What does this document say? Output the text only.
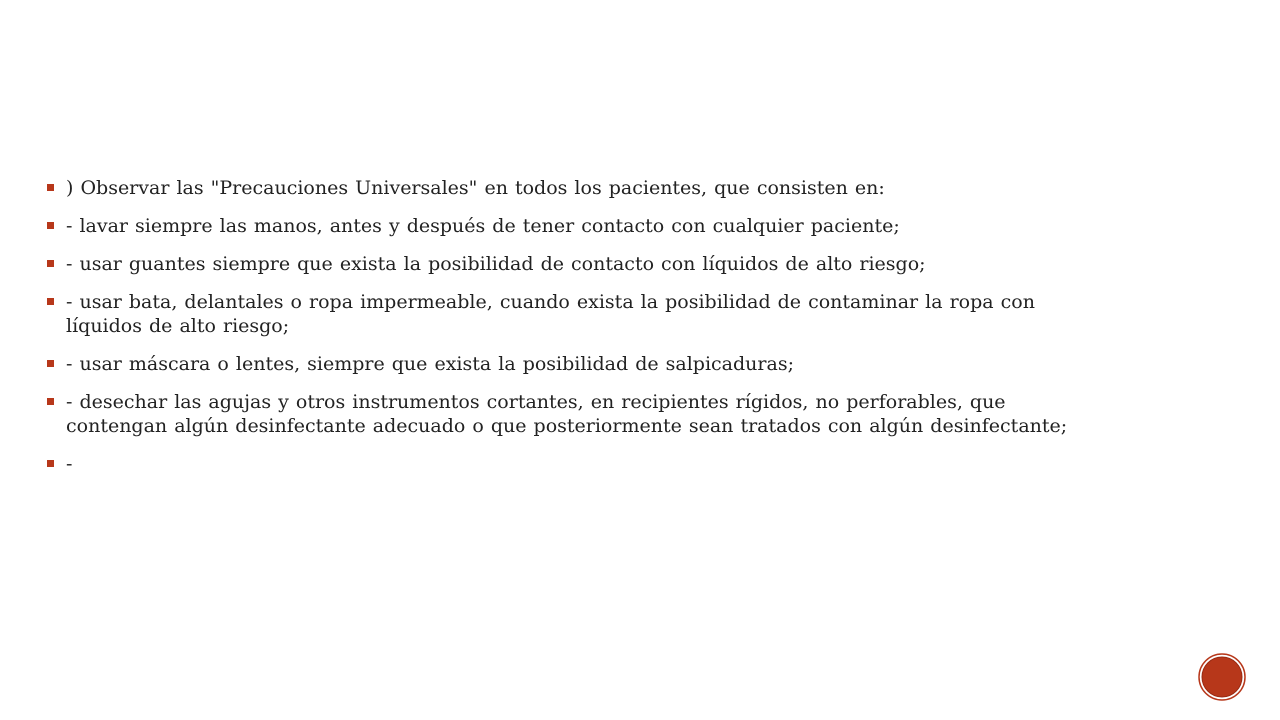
) Observar las "Precauciones Universales" en todos los pacientes, que consisten en:
- lavar siempre las manos, antes y después de tener contacto con cualquier paciente;
- usar guantes siempre que exista la posibilidad de contacto con líquidos de alto riesgo;
- usar bata, delantales o ropa impermeable, cuando exista la posibilidad de contaminar la ropa con líquidos de alto riesgo;
- usar máscara o lentes, siempre que exista la posibilidad de salpicaduras;
- desechar las agujas y otros instrumentos cortantes, en recipientes rígidos, no perforables, que contengan algún desinfectante adecuado o que posteriormente sean tratados con algún desinfectante;
-
